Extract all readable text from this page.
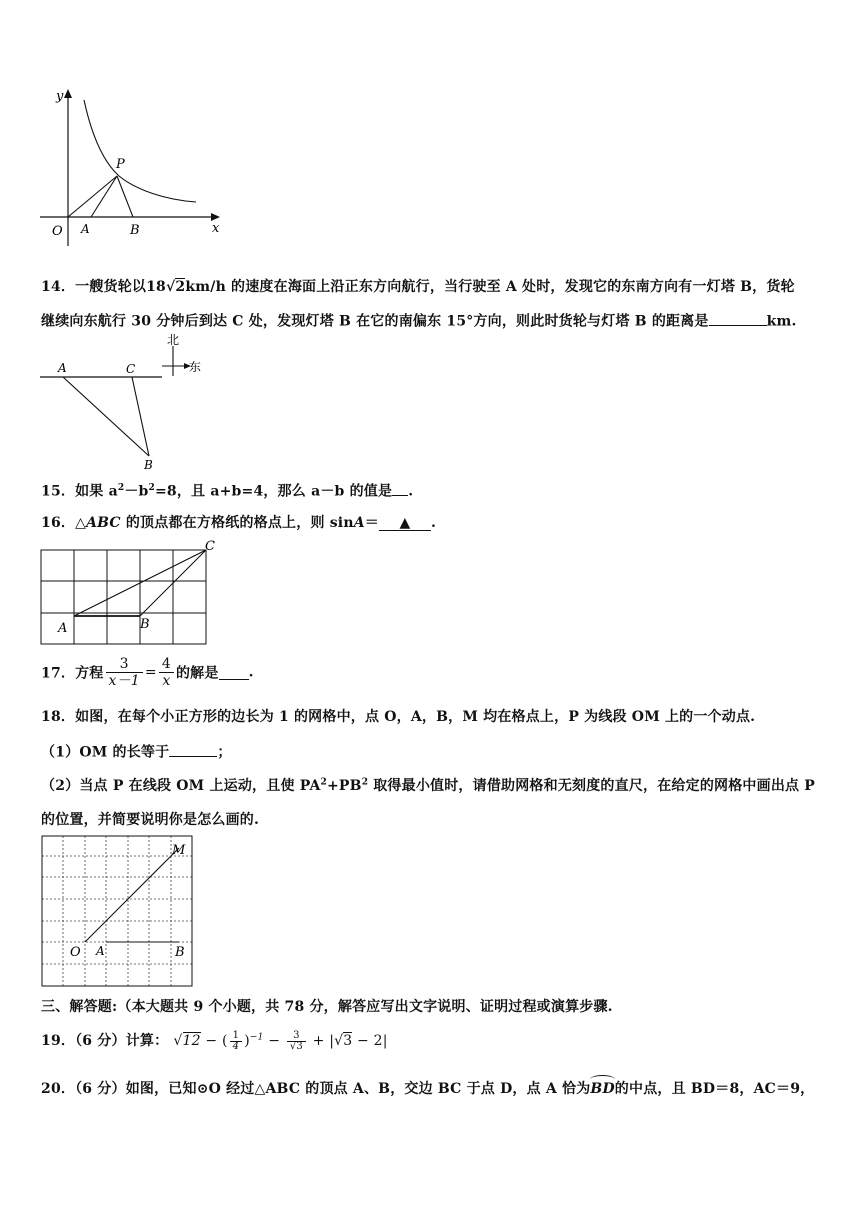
y
x
O A	B
P
14．一艘货轮以18√2km/h 的速度在海面上沿正东方向航行，当行驶至 A 处时，发现它的东南方向有一灯塔 B，货轮
继续向东航行 30 分钟后到达 C 处，发现灯塔 B 在它的南偏东 15°方向，则此时货轮与灯塔 B 的距离是	km.
北
东
A	C
B
15．如果 $a^2-b^2=8$，且 a+b=4，那么 a－b 的值是 .
16．△ABC 的顶点都在方格纸的格点上，则 sinA＝ ▲ .
A	B
C
17．方程 $\frac{3}{x-1} = \frac{4}{x}$ 的解是 .
18．如图，在每个小正方形的边长为 1 的网格中，点 O，A，B，M 均在格点上，P 为线段 OM 上的一个动点.
（1）OM 的长等于	；
（2）当点 P 在线段 OM 上运动，且使 $PA^2+PB^2$ 取得最小值时，请借助网格和无刻度的直尺，在给定的网格中画出点 P
的位置，并简要说明你是怎么画的.
M
O A	B
三、解答题:（本大题共 9 个小题，共 78 分，解答应写出文字说明、证明过程或演算步骤.
19．（6 分）计算： √12 − ( $\frac{1}{4} )^{-1} - \frac{3}{√3} + |√3 - 2|$
20．（6 分）如图，已知⊙O 经过△ABC 的顶点 A、B，交边 BC 于点 D，点 A 恰为
BD的中点，且 BD＝8，AC＝9，
